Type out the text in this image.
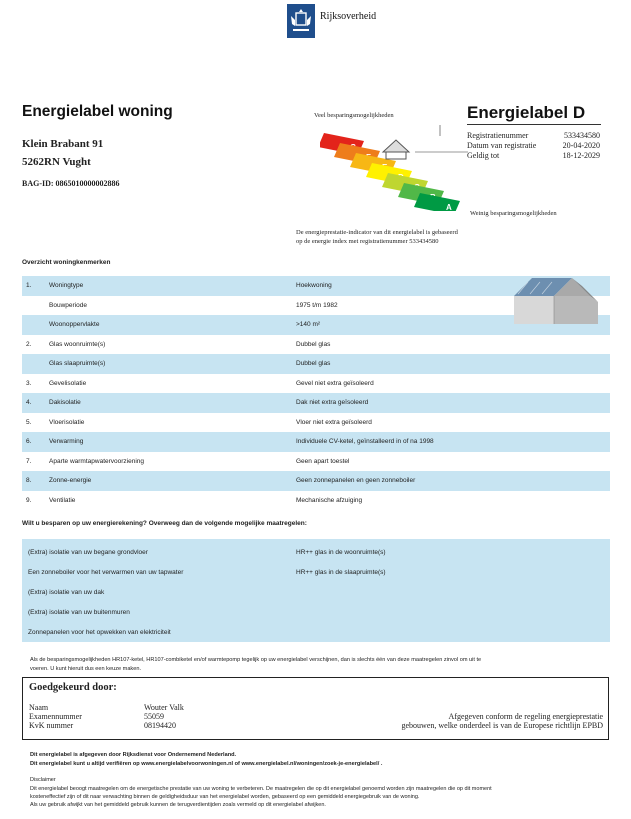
Rijksoverheid
Energielabel woning
Klein Brabant 91
5262RN Vught
BAG-ID: 0865010000002886
Veel besparingsmogelijkheden
Weinig besparingsmogelijkheden
A
Energielabel D
Registratienummer	533434580
Datum van registratie	20-04-2020
Geldig tot	18-12-2029
De energieprestatie-indicator van dit energielabel is gebaseerd
op de energie index met registratienummer 533434580
Overzicht woningkenmerken
1.	Woningtype	Hoekwoning
Bouwperiode	1975 t/m 1982
Woonoppervlakte	>140 m²
2.	Glas woonruimte(s)	Dubbel glas
Glas slaapruimte(s)	Dubbel glas
3.	Gevelisolatie	Gevel niet extra geïsoleerd
4.	Dakisolatie	Dak niet extra geïsoleerd
5.	Vloerisolatie	Vloer niet extra geïsoleerd
6.	Verwarming	Individuele CV-ketel, geïnstalleerd in of na 1998
7.	Aparte warmtapwatervoorziening	Geen apart toestel
8.	Zonne-energie	Geen zonnepanelen en geen zonneboiler
9.	Ventilatie	Mechanische afzuiging
Wilt u besparen op uw energierekening? Overweeg dan de volgende mogelijke maatregelen:
(Extra) isolatie van uw begane grondvloer
Een zonneboiler voor het verwarmen van uw tapwater
(Extra) isolatie van uw dak
(Extra) isolatie van uw buitenmuren
Zonnepanelen voor het opwekken van elektriciteit
HR++ glas in de woonruimte(s)
HR++ glas in de slaapruimte(s)
Als de besparingsmogelijkheden HR107-ketel, HR107-combiketel en/of warmtepomp tegelijk op uw energielabel verschijnen, dan is slechts één van deze maatregelen zinvol om uit te
voeren. U kunt hieruit dus een keuze maken.
Goedgekeurd door:
Naam	Wouter Valk
Examennummer	55059
KvK nummer	08194420
Afgegeven conform de regeling energieprestatie
gebouwen, welke onderdeel is van de Europese richtlijn EPBD
Dit energielabel is afgegeven door Rijksdienst voor Ondernemend Nederland.
Dit energielabel kunt u altijd verifiëren op www.energielabelvoorwoningen.nl of www.energielabel.nl/woningen/zoek-je-energielabel/ .
Disclaimer
Dit energielabel beoogt maatregelen om de energetische prestatie van uw woning te verbeteren. De maatregelen die op dit energielabel genoemd worden zijn maatregelen die op dit moment
kosteneffectief zijn of dit naar verwachting binnen de geldigheidsduur van het energielabel worden, gebaseerd op een gemiddeld energiegebruik van de woning.
Als uw gebruik afwijkt van het gemiddeld gebruik kunnen de terugverdientijden zoals vermeld op dit energielabel afwijken.
